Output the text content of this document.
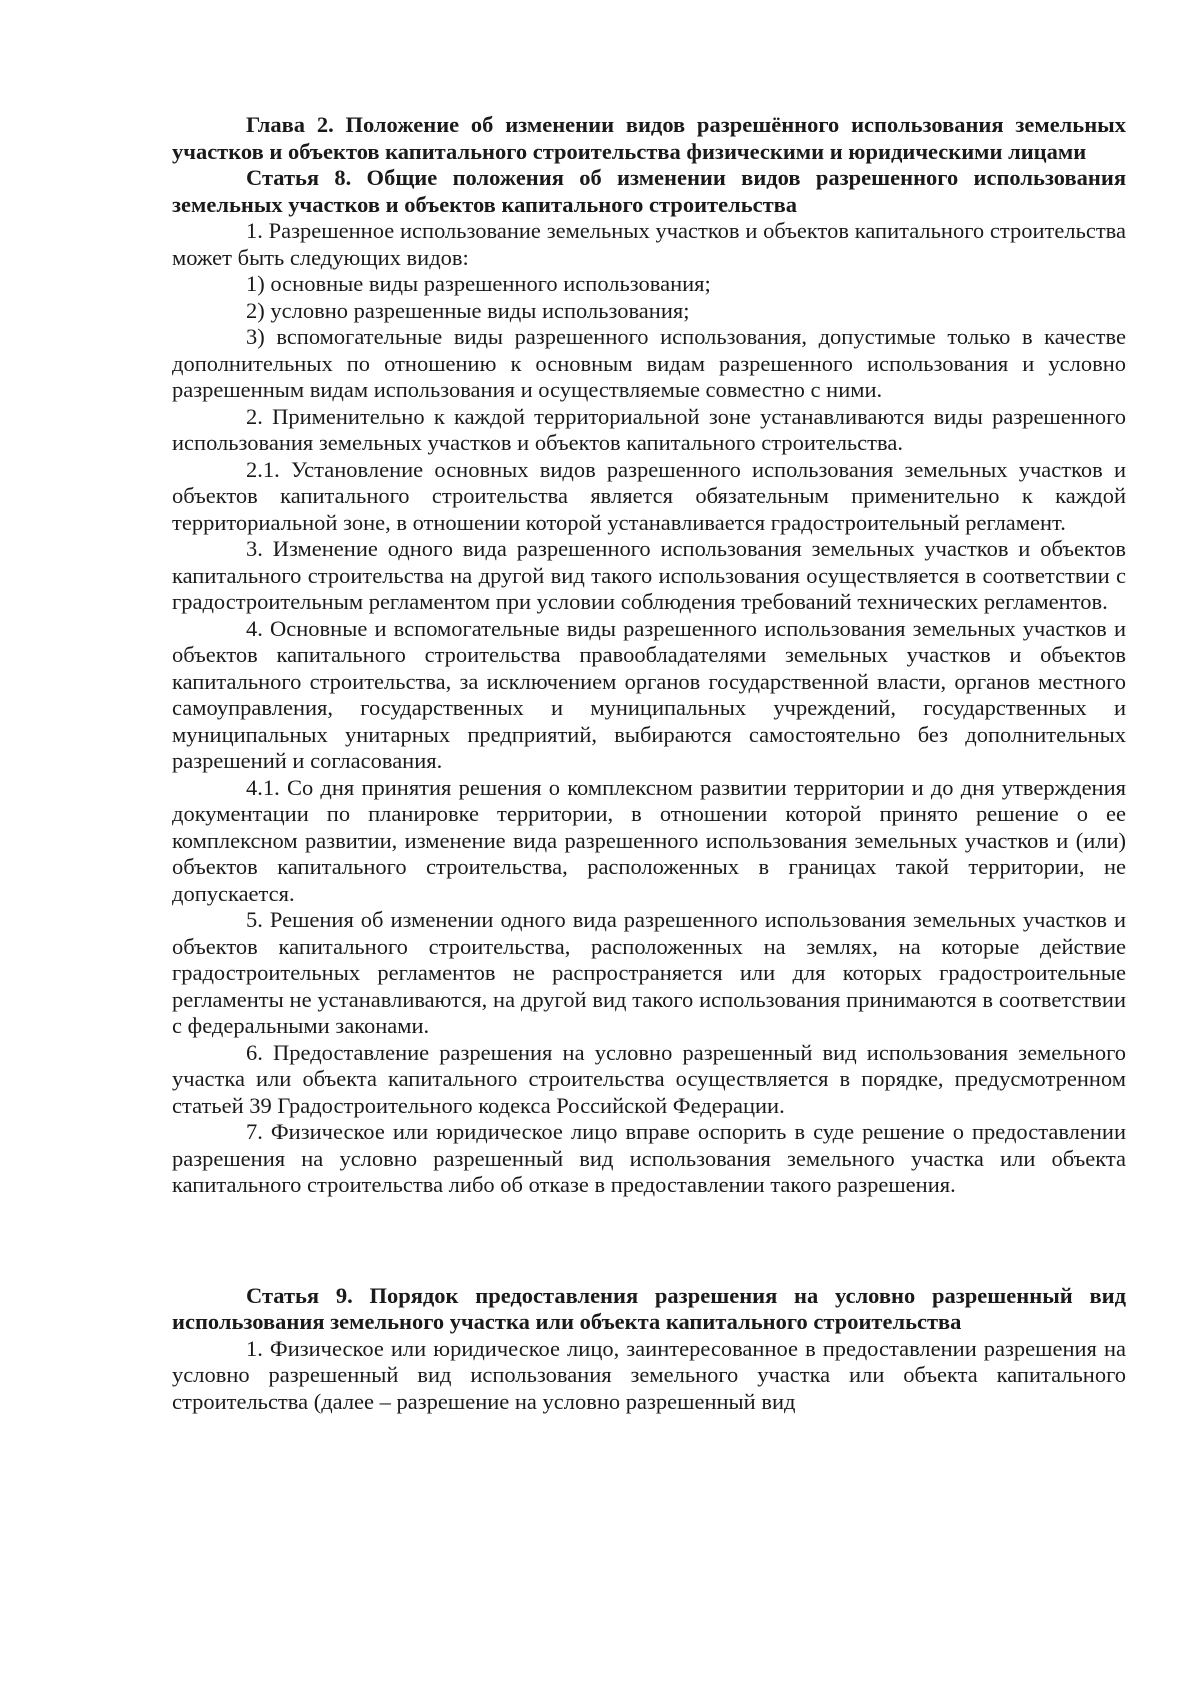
Глава 2. Положение об изменении видов разрешённого использования земельных участков и объектов капитального строительства физическими и юридическими лицами

Статья 8. Общие положения об изменении видов разрешенного использования земельных участков и объектов капитального строительства

1. Разрешенное использование земельных участков и объектов капитального строительства может быть следующих видов:

1) основные виды разрешенного использования;

2) условно разрешенные виды использования;

3) вспомогательные виды разрешенного использования, допустимые только в качестве дополнительных по отношению к основным видам разрешенного использования и условно разрешенным видам использования и осуществляемые совместно с ними.

2. Применительно к каждой территориальной зоне устанавливаются виды разрешенного использования земельных участков и объектов капитального строительства.

2.1. Установление основных видов разрешенного использования земельных участков и объектов капитального строительства является обязательным применительно к каждой территориальной зоне, в отношении которой устанавливается градостроительный регламент.

3. Изменение одного вида разрешенного использования земельных участков и объектов капитального строительства на другой вид такого использования осуществляется в соответствии с градостроительным регламентом при условии соблюдения требований технических регламентов.

4. Основные и вспомогательные виды разрешенного использования земельных участков и объектов капитального строительства правообладателями земельных участков и объектов капитального строительства, за исключением органов государственной власти, органов местного самоуправления, государственных и муниципальных учреждений, государственных и муниципальных унитарных предприятий, выбираются самостоятельно без дополнительных разрешений и согласования.

4.1. Со дня принятия решения о комплексном развитии территории и до дня утверждения документации по планировке территории, в отношении которой принято решение о ее комплексном развитии, изменение вида разрешенного использования земельных участков и (или) объектов капитального строительства, расположенных в границах такой территории, не допускается.

5. Решения об изменении одного вида разрешенного использования земельных участков и объектов капитального строительства, расположенных на землях, на которые действие градостроительных регламентов не распространяется или для которых градостроительные регламенты не устанавливаются, на другой вид такого использования принимаются в соответствии с федеральными законами.

6. Предоставление разрешения на условно разрешенный вид использования земельного участка или объекта капитального строительства осуществляется в порядке, предусмотренном статьей 39 Градостроительного кодекса Российской Федерации.

7. Физическое или юридическое лицо вправе оспорить в суде решение о предоставлении разрешения на условно разрешенный вид использования земельного участка или объекта капитального строительства либо об отказе в предоставлении такого разрешения.

Статья 9. Порядок предоставления разрешения на условно разрешенный вид использования земельного участка или объекта капитального строительства

1. Физическое или юридическое лицо, заинтересованное в предоставлении разрешения на условно разрешенный вид использования земельного участка или объекта капитального строительства (далее – разрешение на условно разрешенный вид
